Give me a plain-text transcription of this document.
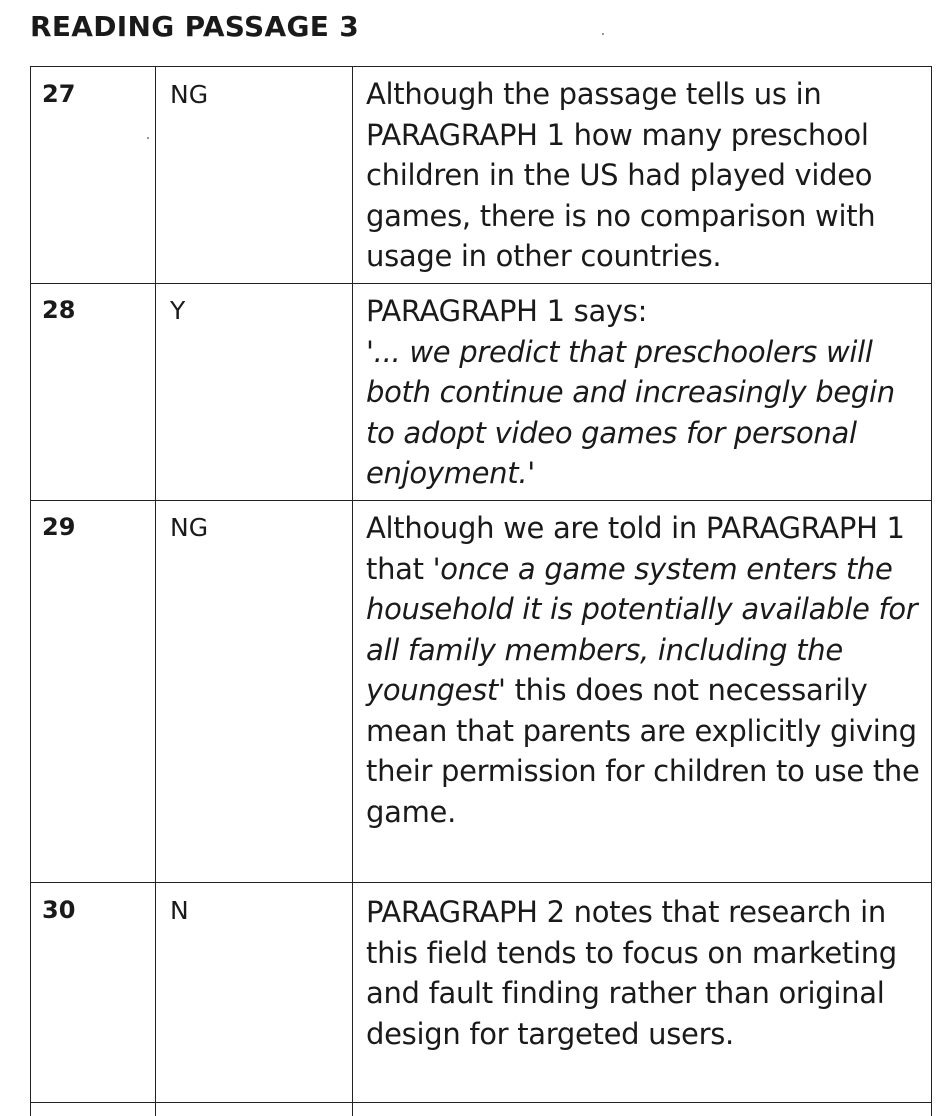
READING PASSAGE 3
27	NG	Although the passage tells us in PARAGRAPH 1 how many preschool children in the US had played video games, there is no comparison with usage in other countries.
28	Y	PARAGRAPH 1 says:
'... we predict that preschoolers will both continue and increasingly begin to adopt video games for personal enjoyment.'
29	NG	Although we are told in PARAGRAPH 1 that 'once a game system enters the household it is potentially available for all family members, including the youngest' this does not necessarily mean that parents are explicitly giving their permission for children to use the game.
30	N	PARAGRAPH 2 notes that research in this field tends to focus on marketing and fault finding rather than original design for targeted users.
